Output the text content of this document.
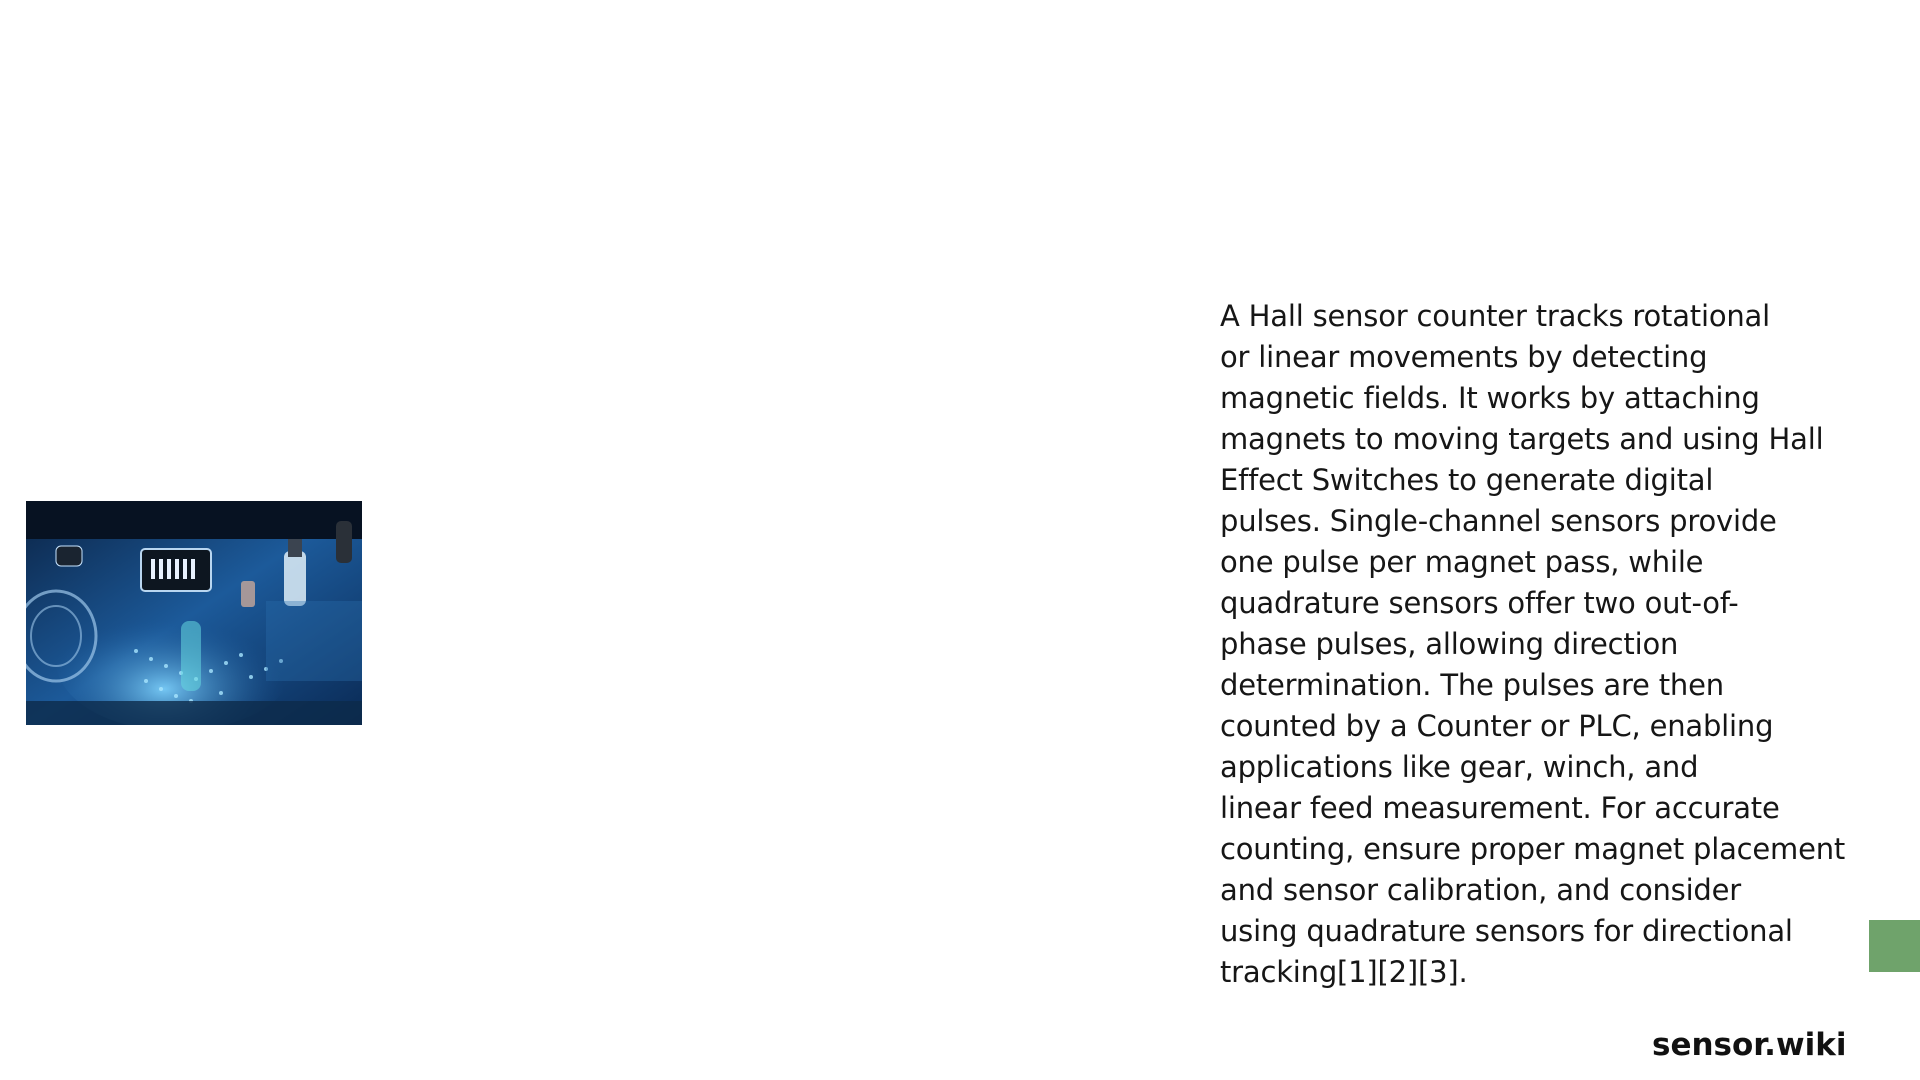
A Hall sensor counter tracks rotational
or linear movements by detecting
magnetic fields. It works by attaching
magnets to moving targets and using Hall
Effect Switches to generate digital
pulses. Single-channel sensors provide
one pulse per magnet pass, while
quadrature sensors offer two out-of-
phase pulses, allowing direction
determination. The pulses are then
counted by a Counter or PLC, enabling
applications like gear, winch, and
linear feed measurement. For accurate
counting, ensure proper magnet placement
and sensor calibration, and consider
using quadrature sensors for directional
tracking[1][2][3].

sensor.wiki
